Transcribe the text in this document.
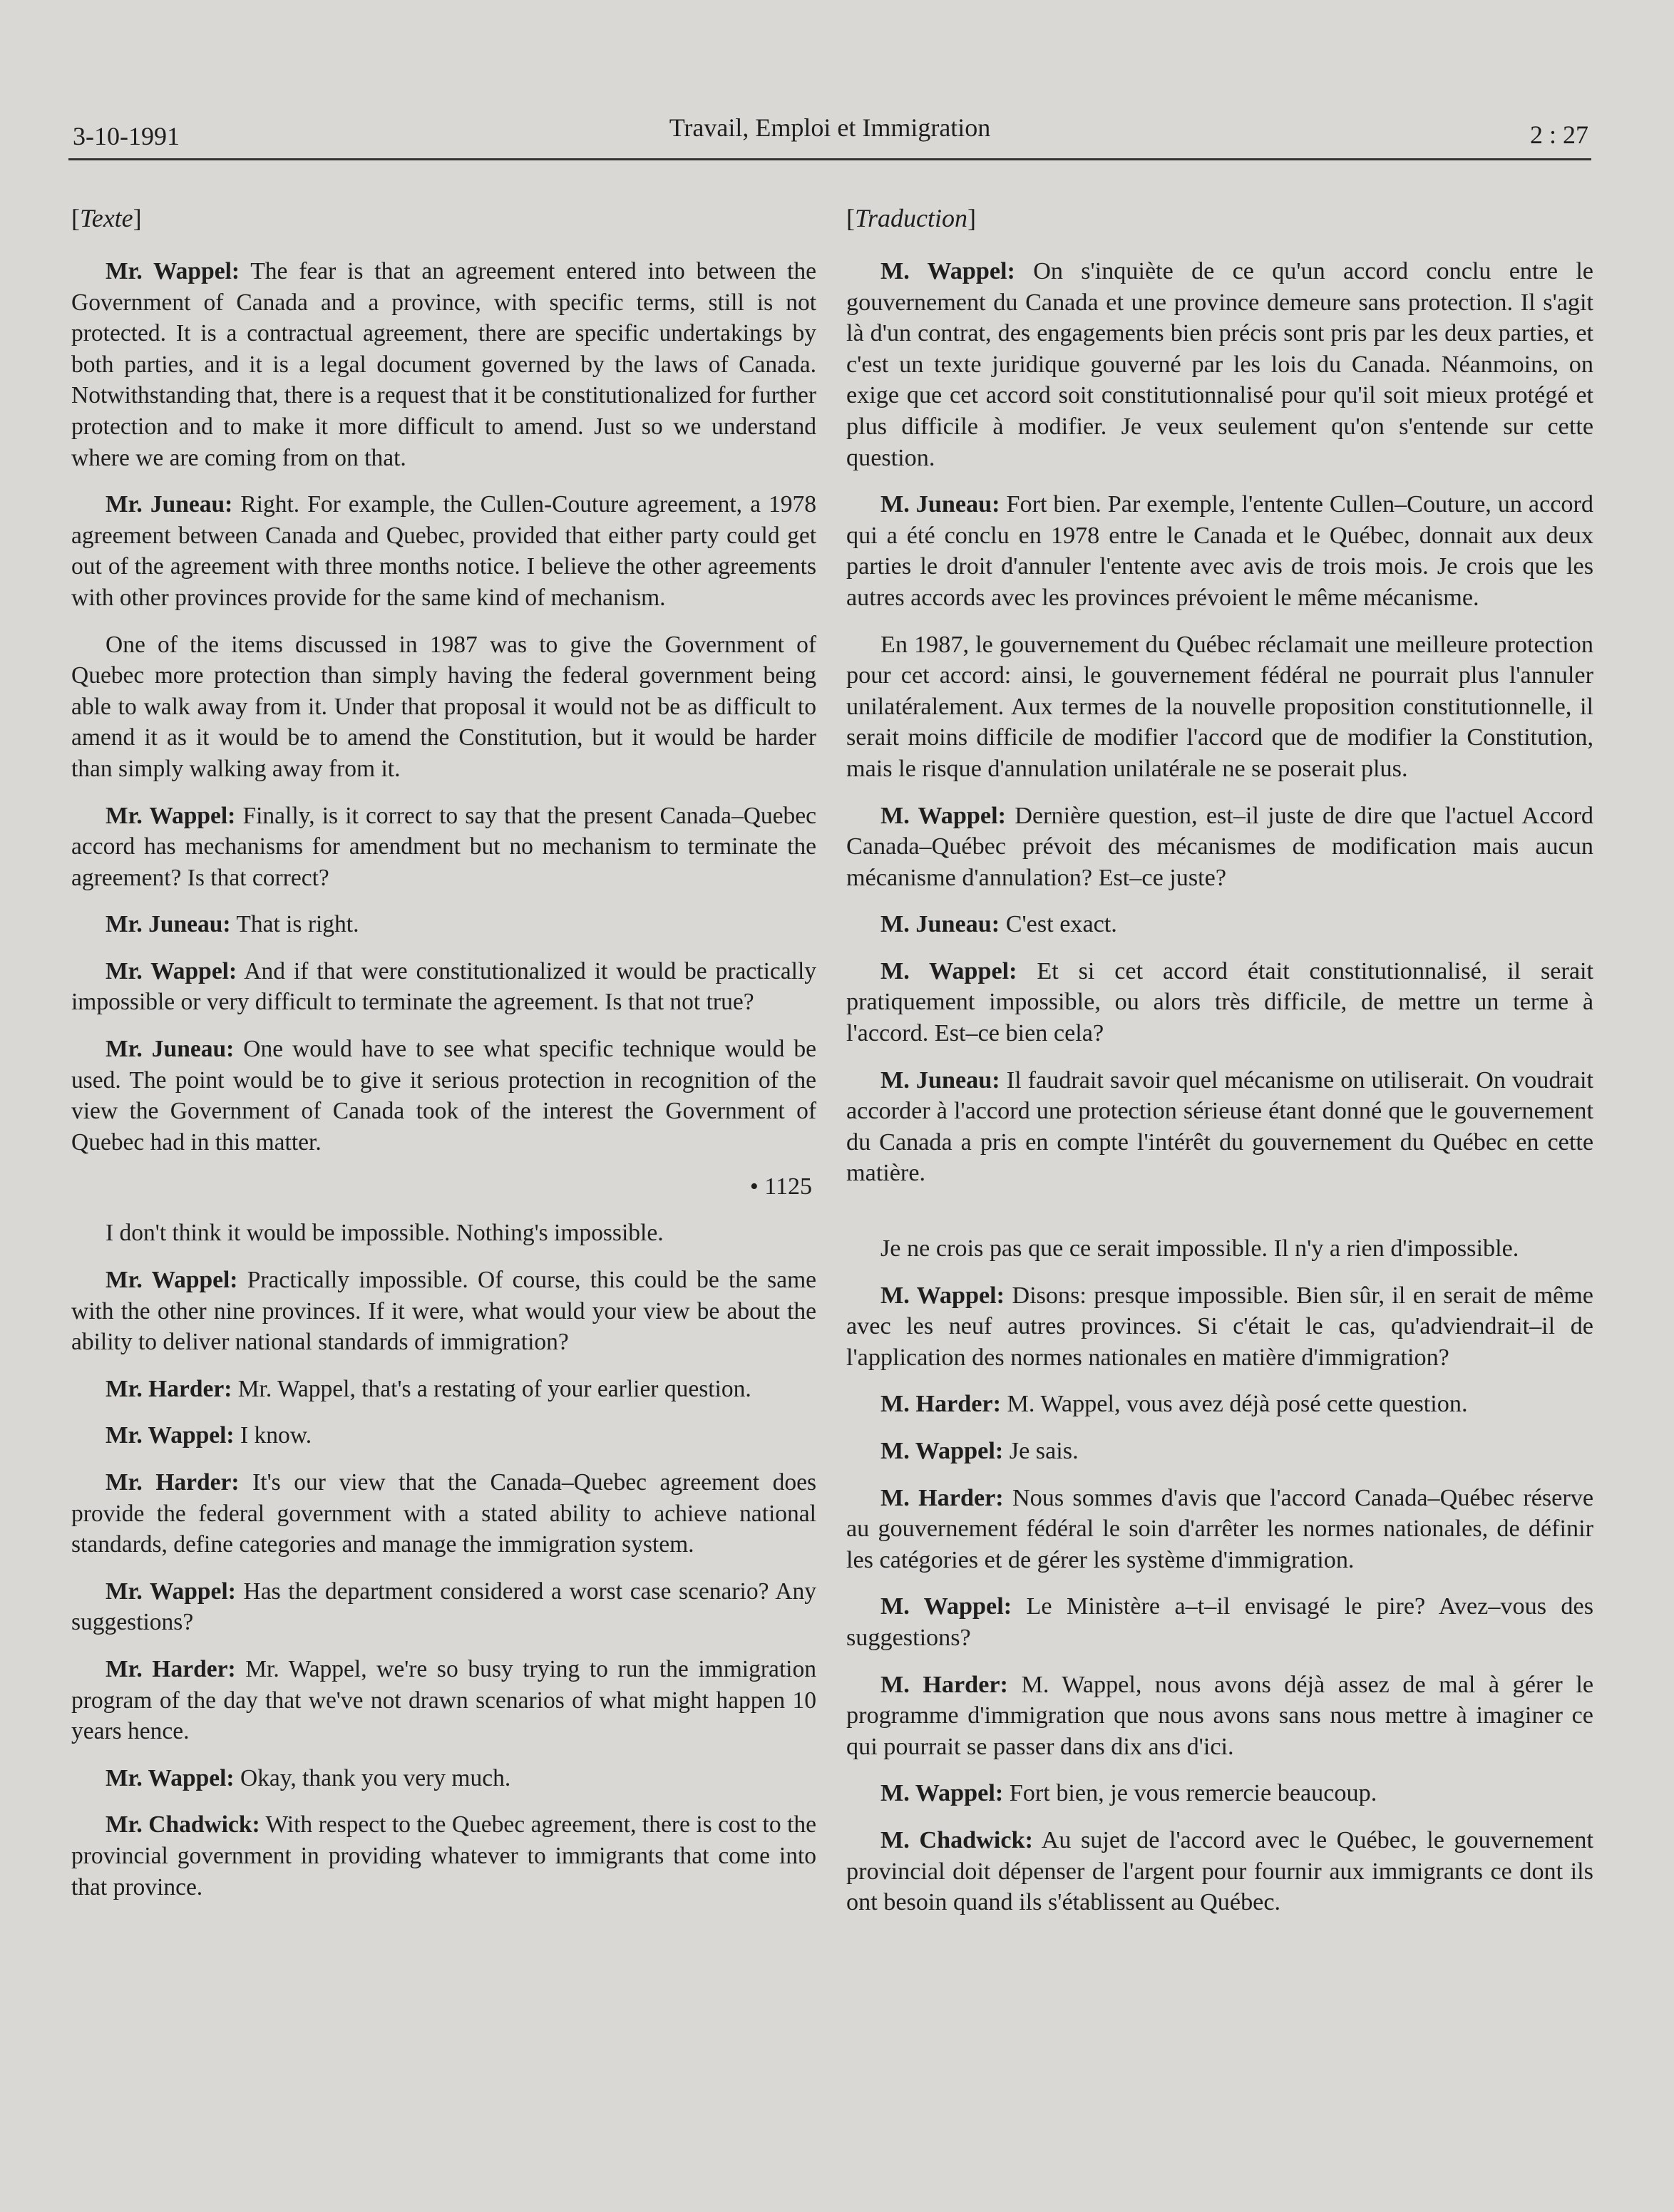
3-10-1991	Travail, Emploi et Immigration	2 : 27
[Texte]

Mr. Wappel: The fear is that an agreement entered into between the Government of Canada and a province, with specific terms, still is not protected. It is a contractual agreement, there are specific undertakings by both parties, and it is a legal document governed by the laws of Canada. Notwithstanding that, there is a request that it be constitutionalized for further protection and to make it more difficult to amend. Just so we understand where we are coming from on that.

Mr. Juneau: Right. For example, the Cullen-Couture agreement, a 1978 agreement between Canada and Quebec, provided that either party could get out of the agreement with three months notice. I believe the other agreements with other provinces provide for the same kind of mechanism.

One of the items discussed in 1987 was to give the Government of Quebec more protection than simply having the federal government being able to walk away from it. Under that proposal it would not be as difficult to amend it as it would be to amend the Constitution, but it would be harder than simply walking away from it.

Mr. Wappel: Finally, is it correct to say that the present Canada–Quebec accord has mechanisms for amendment but no mechanism to terminate the agreement? Is that correct?

Mr. Juneau: That is right.

Mr. Wappel: And if that were constitutionalized it would be practically impossible or very difficult to terminate the agreement. Is that not true?

Mr. Juneau: One would have to see what specific technique would be used. The point would be to give it serious protection in recognition of the view the Government of Canada took of the interest the Government of Quebec had in this matter.

• 1125

I don't think it would be impossible. Nothing's impossible.

Mr. Wappel: Practically impossible. Of course, this could be the same with the other nine provinces. If it were, what would your view be about the ability to deliver national standards of immigration?

Mr. Harder: Mr. Wappel, that's a restating of your earlier question.

Mr. Wappel: I know.

Mr. Harder: It's our view that the Canada–Quebec agreement does provide the federal government with a stated ability to achieve national standards, define categories and manage the immigration system.

Mr. Wappel: Has the department considered a worst case scenario? Any suggestions?

Mr. Harder: Mr. Wappel, we're so busy trying to run the immigration program of the day that we've not drawn scenarios of what might happen 10 years hence.

Mr. Wappel: Okay, thank you very much.

Mr. Chadwick: With respect to the Quebec agreement, there is cost to the provincial government in providing whatever to immigrants that come into that province.

[Traduction]

M. Wappel: On s'inquiète de ce qu'un accord conclu entre le gouvernement du Canada et une province demeure sans protection. Il s'agit là d'un contrat, des engagements bien précis sont pris par les deux parties, et c'est un texte juridique gouverné par les lois du Canada. Néanmoins, on exige que cet accord soit constitutionnalisé pour qu'il soit mieux protégé et plus difficile à modifier. Je veux seulement qu'on s'entende sur cette question.

M. Juneau: Fort bien. Par exemple, l'entente Cullen–Couture, un accord qui a été conclu en 1978 entre le Canada et le Québec, donnait aux deux parties le droit d'annuler l'entente avec avis de trois mois. Je crois que les autres accords avec les provinces prévoient le même mécanisme.

En 1987, le gouvernement du Québec réclamait une meilleure protection pour cet accord: ainsi, le gouvernement fédéral ne pourrait plus l'annuler unilatéralement. Aux termes de la nouvelle proposition constitutionnelle, il serait moins difficile de modifier l'accord que de modifier la Constitution, mais le risque d'annulation unilatérale ne se poserait plus.

M. Wappel: Dernière question, est–il juste de dire que l'actuel Accord Canada–Québec prévoit des mécanismes de modification mais aucun mécanisme d'annulation? Est–ce juste?

M. Juneau: C'est exact.

M. Wappel: Et si cet accord était constitutionnalisé, il serait pratiquement impossible, ou alors très difficile, de mettre un terme à l'accord. Est–ce bien cela?

M. Juneau: Il faudrait savoir quel mécanisme on utiliserait. On voudrait accorder à l'accord une protection sérieuse étant donné que le gouvernement du Canada a pris en compte l'intérêt du gouvernement du Québec en cette matière.

Je ne crois pas que ce serait impossible. Il n'y a rien d'impossible.

M. Wappel: Disons: presque impossible. Bien sûr, il en serait de même avec les neuf autres provinces. Si c'était le cas, qu'adviendrait–il de l'application des normes nationales en matière d'immigration?

M. Harder: M. Wappel, vous avez déjà posé cette question.

M. Wappel: Je sais.

M. Harder: Nous sommes d'avis que l'accord Canada–Québec réserve au gouvernement fédéral le soin d'arrêter les normes nationales, de définir les catégories et de gérer les système d'immigration.

M. Wappel: Le Ministère a–t–il envisagé le pire? Avez–vous des suggestions?

M. Harder: M. Wappel, nous avons déjà assez de mal à gérer le programme d'immigration que nous avons sans nous mettre à imaginer ce qui pourrait se passer dans dix ans d'ici.

M. Wappel: Fort bien, je vous remercie beaucoup.

M. Chadwick: Au sujet de l'accord avec le Québec, le gouvernement provincial doit dépenser de l'argent pour fournir aux immigrants ce dont ils ont besoin quand ils s'établissent au Québec.
